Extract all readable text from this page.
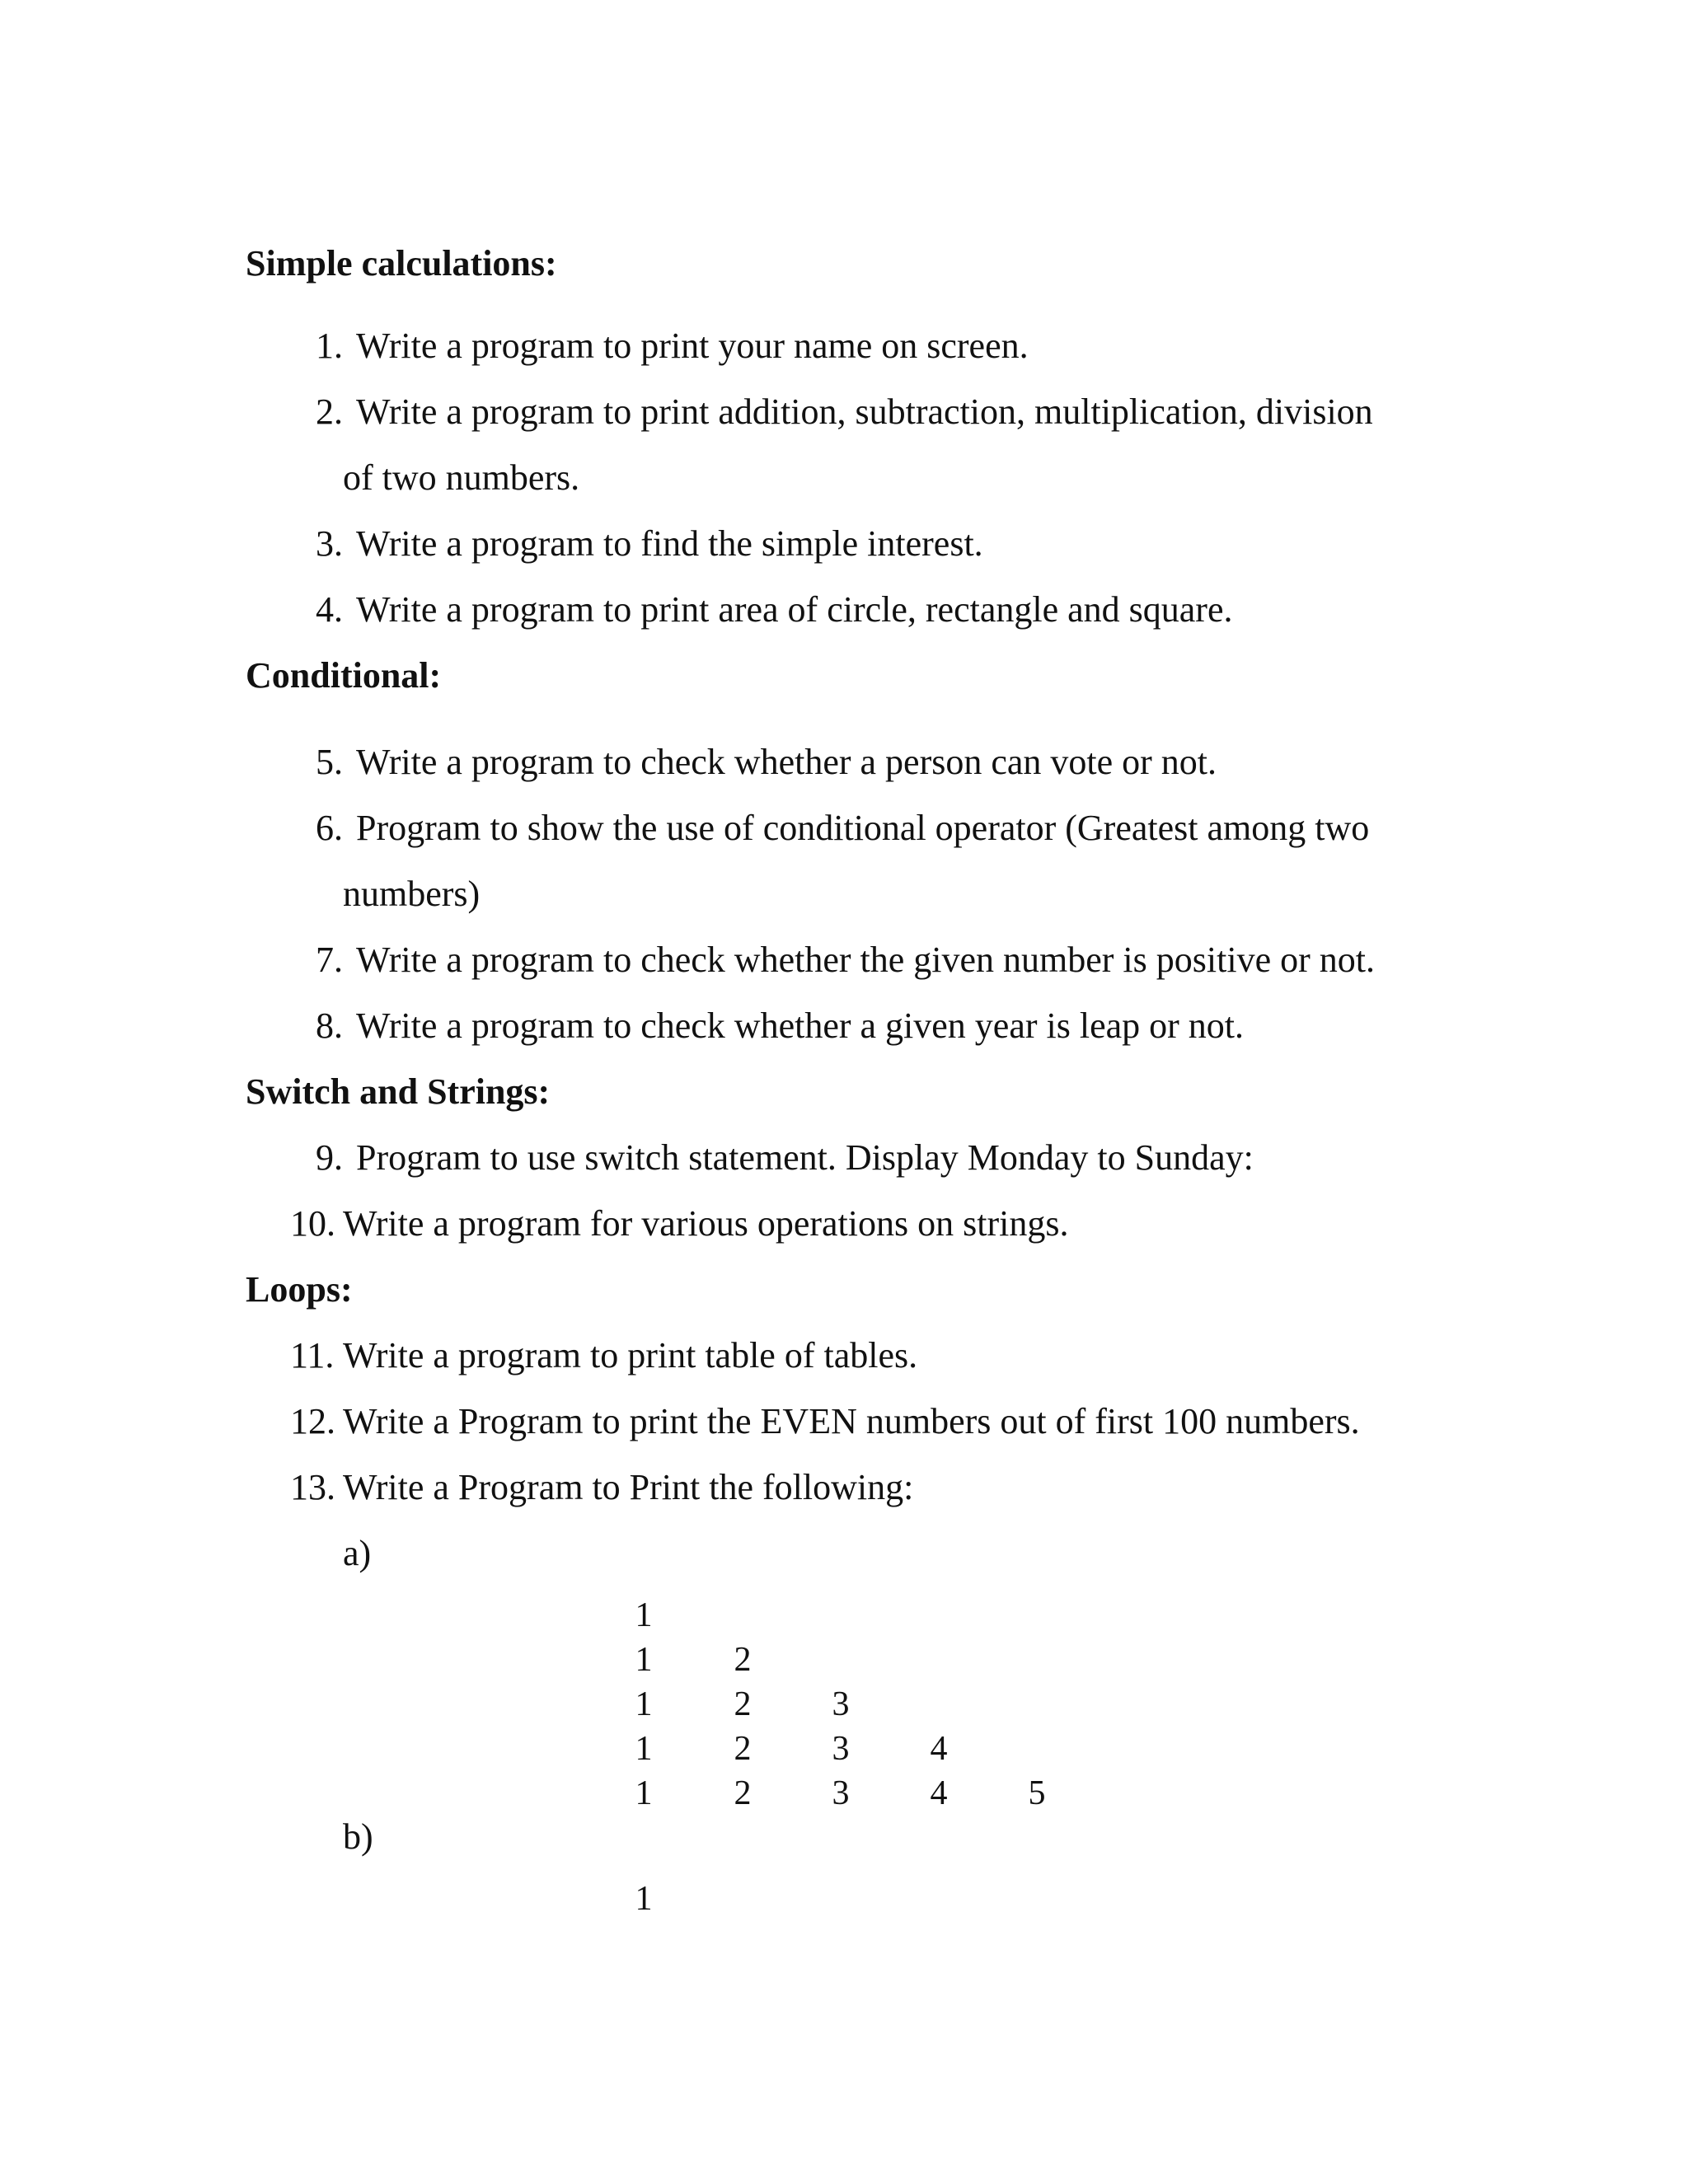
Simple calculations:
1. Write a program to print your name on screen.
2. Write a program to print addition, subtraction, multiplication, division
of two numbers.
3. Write a program to find the simple interest.
4. Write a program to print area of circle, rectangle and square.
Conditional:
5. Write a program to check whether a person can vote or not.
6. Program to show the use of conditional operator (Greatest among two
numbers)
7. Write a program to check whether the given number is positive or not.
8. Write a program to check whether a given year is leap or not.
Switch and Strings:
9. Program to use switch statement. Display Monday to Sunday:
10. Write a program for various operations on strings.
Loops:
11. Write a program to print table of tables.
12. Write a Program to print the EVEN numbers out of first 100 numbers.
13. Write a Program to Print the following:
a)
1
1 2
1 2 3
1 2 3 4
1 2 3 4 5
b)
1
